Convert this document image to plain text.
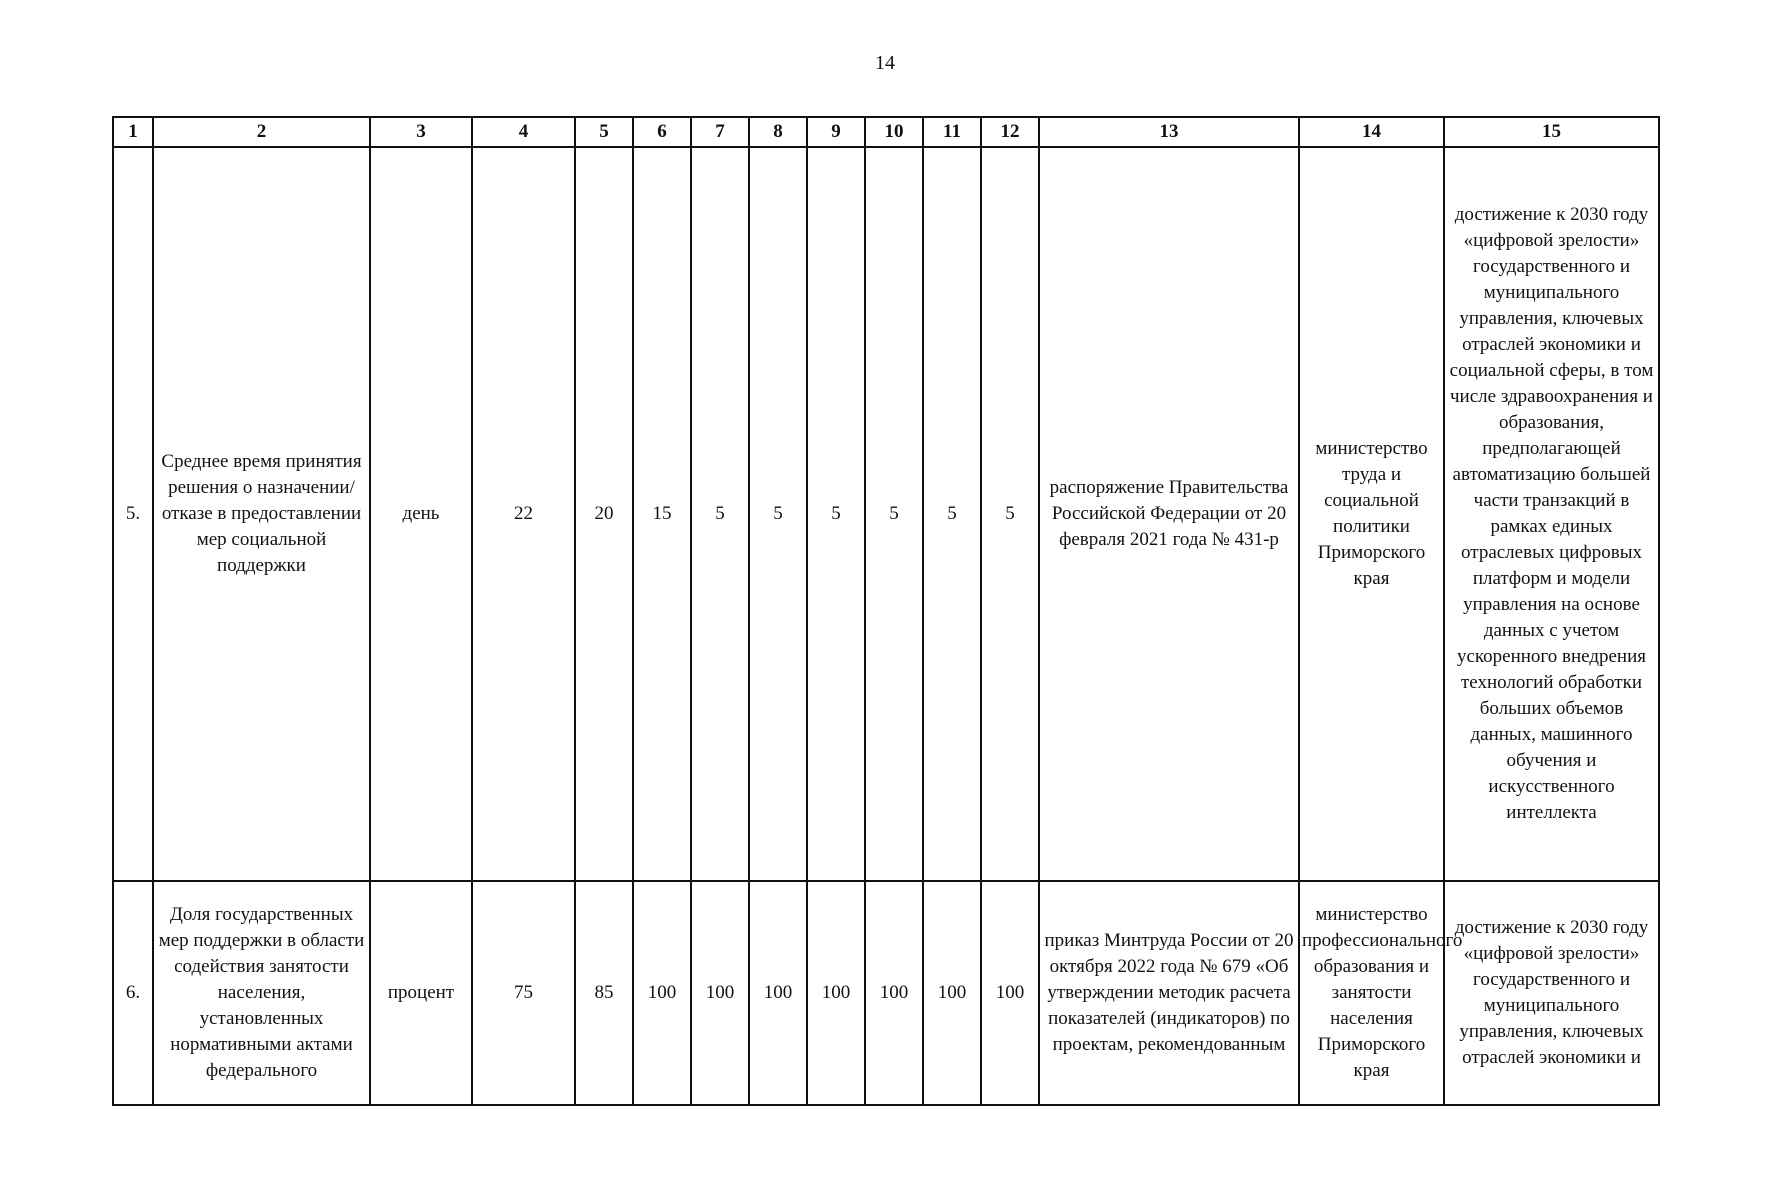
14
1	2	3	4	5	6	7	8	9	10	11	12	13	14	15
5.	Среднее время принятия решения о назначении/отказе в предоставлении мер социальной поддержки	день	22	20	15	5	5	5	5	5	5	распоряжение Правительства Российской Федерации от 20 февраля 2021 года № 431-р	министерство труда и социальной политики Приморского края	достижение к 2030 году «цифровой зрелости» государственного и муниципального управления, ключевых отраслей экономики и социальной сферы, в том числе здравоохранения и образования, предполагающей автоматизацию большей части транзакций в рамках единых отраслевых цифровых платформ и модели управления на основе данных с учетом ускоренного внедрения технологий обработки больших объемов данных, машинного обучения и искусственного интеллекта
6.	Доля государственных мер поддержки в области содействия занятости населения, установленных нормативными актами федерального	процент	75	85	100	100	100	100	100	100	100	приказ Минтруда России от 20 октября 2022 года № 679 «Об утверждении методик расчета показателей (индикаторов) по проектам, рекомендованным	министерство профессионального образования и занятости населения Приморского края	достижение к 2030 году «цифровой зрелости» государственного и муниципального управления, ключевых отраслей экономики и
